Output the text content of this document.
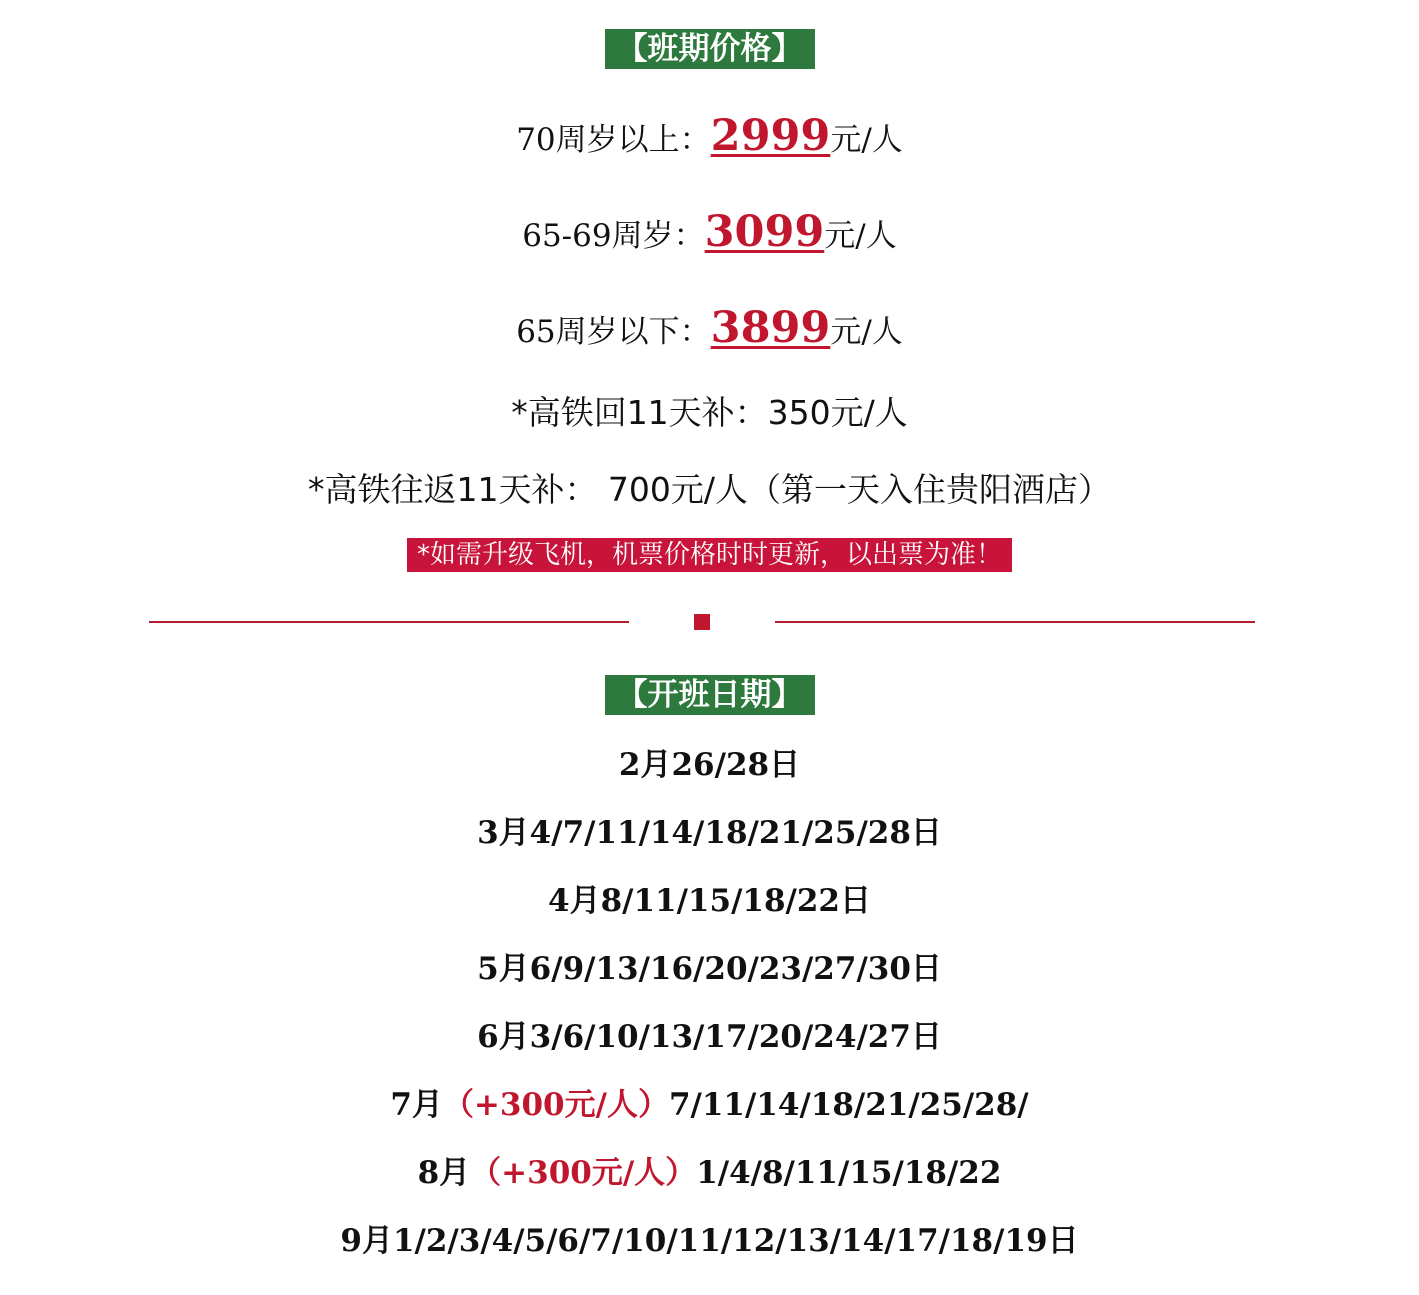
【班期价格】
70周岁以上：2999元/人
65-69周岁：3099元/人
65周岁以下：3899元/人
*高铁回11天补：350元/人
*高铁往返11天补： 700元/人（第一天入住贵阳酒店）
*如需升级飞机，机票价格时时更新，以出票为准！
【开班日期】
2月26/28日
3月4/7/11/14/18/21/25/28日
4月8/11/15/18/22日
5月6/9/13/16/20/23/27/30日
6月3/6/10/13/17/20/24/27日
7月（+300元/人）7/11/14/18/21/25/28/
8月（+300元/人）1/4/8/11/15/18/22
9月1/2/3/4/5/6/7/10/11/12/13/14/17/18/19日
